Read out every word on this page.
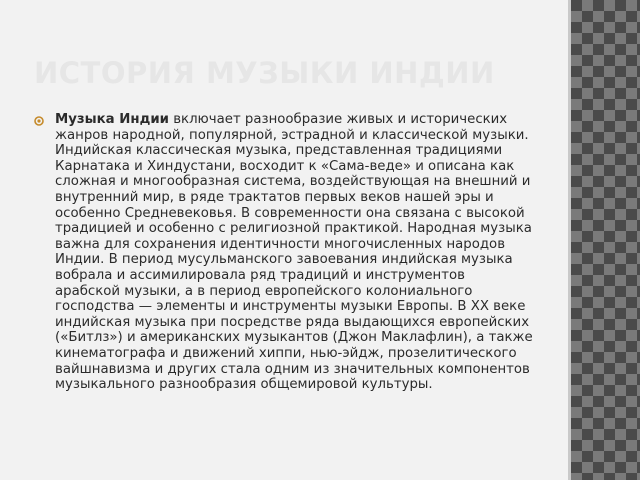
ИСТОРИЯ МУЗЫКИ ИНДИИ

Музыка Индии включает разнообразие живых и исторических жанров народной, популярной, эстрадной и классической музыки. Индийская классическая музыка, представленная традициями Карнатака и Хиндустани, восходит к «Сама-веде» и описана как сложная и многообразная система, воздействующая на внешний и внутренний мир, в ряде трактатов первых веков нашей эры и особенно Средневековья. В современности она связана с высокой традицией и особенно с религиозной практикой. Народная музыка важна для сохранения идентичности многочисленных народов Индии. В период мусульманского завоевания индийская музыка вобрала и ассимилировала ряд традиций и инструментов арабской музыки, а в период европейского колониального господства — элементы и инструменты музыки Европы. В XX веке индийская музыка при посредстве ряда выдающихся европейских («Битлз») и американских музыкантов (Джон Маклафлин), а также кинематографа и движений хиппи, нью-эйдж, прозелитического вайшнавизма и других стала одним из значительных компонентов музыкального разнообразия общемировой культуры.
